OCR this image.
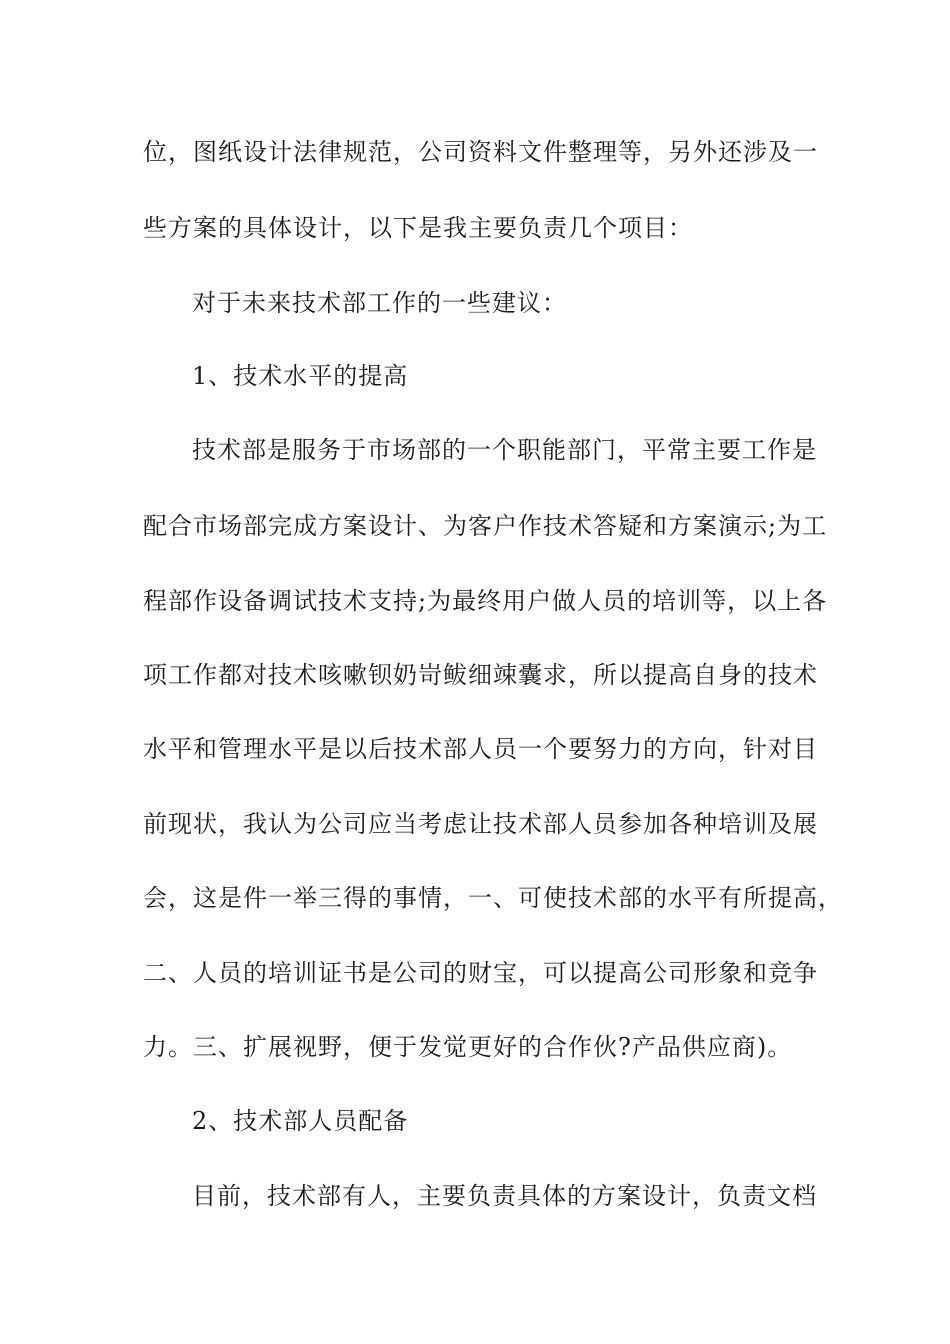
位，图纸设计法律规范，公司资料文件整理等，另外还涉及一
些方案的具体设计，以下是我主要负责几个项目：
对于未来技术部工作的一些建议：
1、技术水平的提高
技术部是服务于市场部的一个职能部门，平常主要工作是
配合市场部完成方案设计、为客户作技术答疑和方案演示;为工
程部作设备调试技术支持;为最终用户做人员的培训等，以上各
项工作都对技术咳嗽钡奶岢鲅细竦囊求，所以提高自身的技术
水平和管理水平是以后技术部人员一个要努力的方向，针对目
前现状，我认为公司应当考虑让技术部人员参加各种培训及展
会，这是件一举三得的事情，一、可使技术部的水平有所提高，
二、人员的培训证书是公司的财宝，可以提高公司形象和竞争
力。三、扩展视野，便于发觉更好的合作伙?产品供应商)。
2、技术部人员配备
目前，技术部有人，主要负责具体的方案设计，负责文档
